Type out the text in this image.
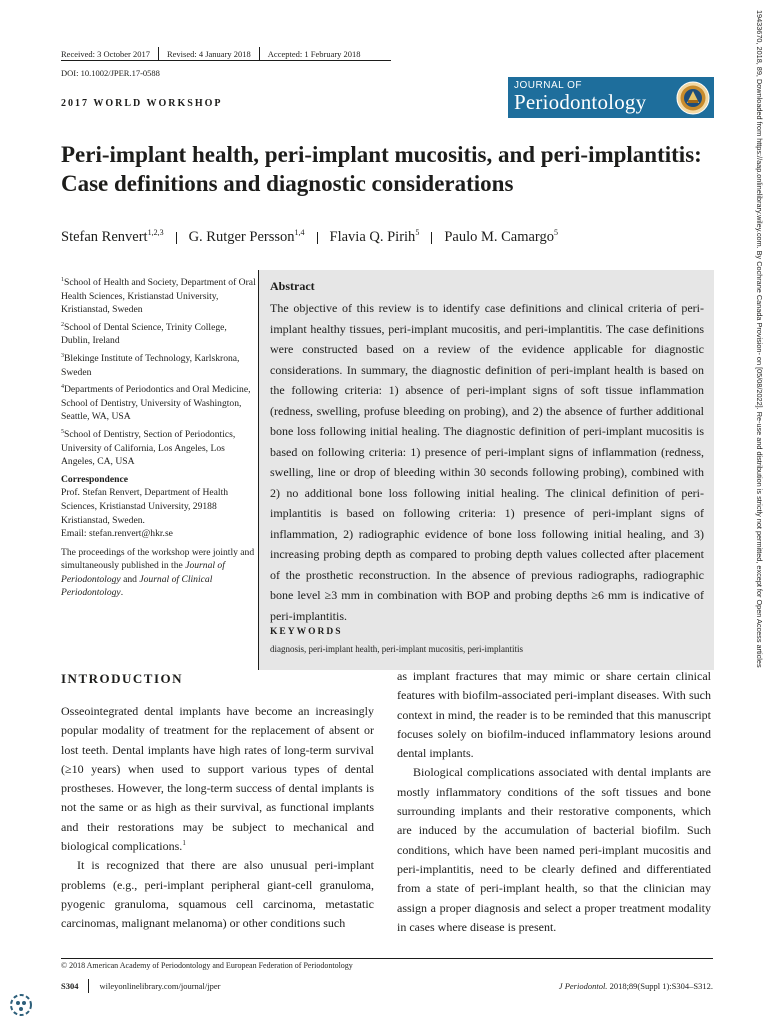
Received: 3 October 2017 Revised: 4 January 2018 Accepted: 1 February 2018
DOI: 10.1002/JPER.17-0588
2017 WORLD WORKSHOP
JOURNAL OF
Periodontology
Peri-implant health, peri-implant mucositis, and peri-implantitis: Case definitions and diagnostic considerations
Stefan Renvert$^{1,2,3}$ G. Rutger Persson$^{1,4}$ Flavia Q. Pirih$^5$ Paulo M. Camargo$^5$
$^1$School of Health and Society, Department of Oral Health Sciences, Kristianstad University, Kristianstad, Sweden
$^2$School of Dental Science, Trinity College, Dublin, Ireland
$^3$Blekinge Institute of Technology, Karlskrona, Sweden
$^4$Departments of Periodontics and Oral Medicine, School of Dentistry, University of Washington, Seattle, WA, USA
$^5$School of Dentistry, Section of Periodontics, University of California, Los Angeles, Los Angeles, CA, USA
Correspondence
Prof. Stefan Renvert, Department of Health Sciences, Kristianstad University, 29188 Kristianstad, Sweden.
Email: stefan.renvert@hkr.se
The proceedings of the workshop were jointly and simultaneously published in the Journal of Periodontology and Journal of Clinical Periodontology.
Abstract
The objective of this review is to identify case definitions and clinical criteria of peri-implant healthy tissues, peri-implant mucositis, and peri-implantitis. The case definitions were constructed based on a review of the evidence applicable for diagnostic considerations. In summary, the diagnostic definition of peri-implant health is based on the following criteria: 1) absence of peri-implant signs of soft tissue inflammation (redness, swelling, profuse bleeding on probing), and 2) the absence of further additional bone loss following initial healing. The diagnostic definition of peri-implant mucositis is based on following criteria: 1) presence of peri-implant signs of inflammation (redness, swelling, line or drop of bleeding within 30 seconds following probing), combined with 2) no additional bone loss following initial healing. The clinical definition of peri-implantitis is based on following criteria: 1) presence of peri-implant signs of inflammation, 2) radiographic evidence of bone loss following initial healing, and 3) increasing probing depth as compared to probing depth values collected after placement of the prosthetic reconstruction. In the absence of previous radiographs, radiographic bone level ≥3 mm in combination with BOP and probing depths ≥6 mm is indicative of peri-implantitis.
KEYWORDS
diagnosis, peri-implant health, peri-implant mucositis, peri-implantitis
INTRODUCTION

Osseointegrated dental implants have become an increasingly popular modality of treatment for the replacement of absent or lost teeth. Dental implants have high rates of long-term survival (≥10 years) when used to support various types of dental prostheses. However, the long-term success of dental implants is not the same or as high as their survival, as functional implants and their restorations may be subject to mechanical and biological complications.$^1$

It is recognized that there are also unusual peri-implant problems (e.g., peri-implant peripheral giant-cell granuloma, pyogenic granuloma, squamous cell carcinoma, metastatic carcinomas, malignant melanoma) or other conditions such

as implant fractures that may mimic or share certain clinical features with biofilm-associated peri-implant diseases. With such context in mind, the reader is to be reminded that this manuscript focuses solely on biofilm-induced inflammatory lesions around dental implants.

Biological complications associated with dental implants are mostly inflammatory conditions of the soft tissues and bone surrounding implants and their restorative components, which are induced by the accumulation of bacterial biofilm. Such conditions, which have been named peri-implant mucositis and peri-implantitis, need to be clearly defined and differentiated from a state of peri-implant health, so that the clinician may assign a proper diagnosis and select a proper treatment modality in cases where disease is present.

© 2018 American Academy of Periodontology and European Federation of Periodontology
S304 wileyonlinelibrary.com/journal/jper	J Periodontol. 2018;89(Suppl 1):S304–S312.
19433670, 2018, 89, Downloaded from https://aap.onlinelibrary.wiley.com. By Cochrane Canada Provision- on [05/08/2022]. Re-use and distribution is strictly not permitted, except for Open Access articles
